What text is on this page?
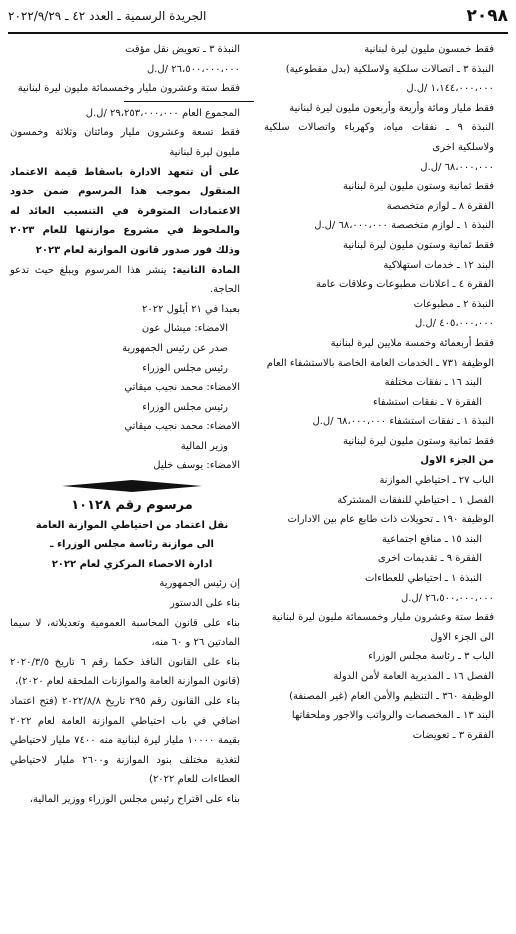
٢٠٩٨
الجريدة الرسمية ـ العدد ٤٢ ـ ٢٠٢٢/٩/٢٩

فقط خمسون مليون ليرة لبنانية

النبذة ٣ ـ اتصالات سلكية ولاسلكية (بدل مقطوعية)

١،١٤٤،٠٠٠،٠٠٠ /ل.ل

فقط مليار ومائة وأربعة وأربعون مليون ليرة لبنانية

النبذة ٩ ـ نفقات مياه، وكهرباء واتصالات سلكية ولاسلكية اخرى

٦٨،٠٠٠،٠٠٠ /ل.ل

فقط ثمانية وستون مليون ليرة لبنانية

الفقرة ٨ ـ لوازم متخصصة

النبذة ١ ـ لوازم متخصصة ٦٨،٠٠٠،٠٠٠ /ل.ل

فقط ثمانية وستون مليون ليرة لبنانية

البند ١٢ ـ خدمات استهلاكية

الفقرة ٤ ـ اعلانات مطبوعات وعلاقات عامة

النبذة ٢ ـ مطبوعات

٤٠٥،٠٠٠،٠٠٠ /ل.ل

فقط أربعمائة وخمسة ملايين ليرة لبنانية

الوظيفة ٧٣١ ـ الخدمات العامة الخاصة بالاستشفاء العام

البند ١٦ ـ نفقات مختلفة

الفقرة ٧ ـ نفقات استشفاء

النبذة ١ ـ نفقات استشفاء ٦٨،٠٠٠،٠٠٠ /ل.ل

فقط ثمانية وستون مليون ليرة لبنانية

من الجزء الاول

الباب ٢٧ ـ احتياطي الموازنة

الفصل ١ ـ احتياطي للنفقات المشتركة

الوظيفة ١٩٠ ـ تحويلات ذات طابع عام بين الادارات

البند ١٥ ـ منافع اجتماعية

الفقرة ٩ ـ تقديمات اخرى

النبذة ١ ـ احتياطي للعطاءات

٢٦،٥٠٠،٠٠٠،٠٠٠ /ل.ل

فقط ستة وعشرون مليار وخمسمائة مليون ليرة لبنانية

الى الجزء الاول

الباب ٣ ـ رئاسة مجلس الوزراء

الفصل ١٦ ـ المديرية العامة لأمن الدولة

الوظيفة ٣٦٠ ـ التنظيم والأمن العام (غير المصنفة)

البند ١٣ ـ المخصصات والرواتب والاجور وملحقاتها

الفقرة ٣ ـ تعويضات

النبذة ٣ ـ تعويض نقل مؤقت

٢٦،٥٠٠،٠٠٠،٠٠٠ /ل.ل

فقط ستة وعشرون مليار وخمسمائة مليون ليرة لبنانية

المجموع العام ٢٩،٢٥٣،٠٠٠،٠٠٠ /ل.ل

فقط تسعة وعشرون مليار ومائتان وثلاثة وخمسون مليون ليرة لبنانية

على أن تتعهد الادارة باسقاط قيمة الاعتماد المنقول بموجب هذا المرسوم ضمن حدود الاعتمادات المتوفرة في التنسيب العائد له والملحوظ في مشروع موازنتها للعام ٢٠٢٣ وذلك فور صدور قانون الموازنة لعام ٢٠٢٣

المادة الثانية: ينشر هذا المرسوم ويبلغ حيث تدعو الحاجة.

بعبدا في ٢١ أيلول ٢٠٢٢

الامضاء: ميشال عون

صدر عن رئيس الجمهورية

رئيس مجلس الوزراء

الامضاء: محمد نجيب ميقاتي

رئيس مجلس الوزراء

الامضاء: محمد نجيب ميقاتي

وزير المالية

الامضاء: يوسف خليل

مرسوم رقم ١٠١٢٨

نقل اعتماد من احتياطي الموازنة العامة

الى موازنة رئاسة مجلس الوزراء ـ

ادارة الاحصاء المركزي لعام ٢٠٢٢

إن رئيس الجمهورية

بناء على الدستور

بناء على قانون المحاسبة العمومية وتعديلاته، لا سيما المادتين ٢٦ و ٦٠ منه،

بناء على القانون النافذ حكما رقم ٦ تاريخ ٢٠٢٠/٣/٥ (قانون الموازنة العامة والموازنات الملحقة لعام ٢٠٢٠)،

بناء على القانون رقم ٢٩٥ تاريخ ٢٠٢٢/٨/٨ (فتح اعتماد اضافي في باب احتياطي الموازنة العامة لعام ٢٠٢٢ بقيمة ١٠٠٠٠ مليار ليرة لبنانية منه ٧٤٠٠ مليار لاحتياطي لتغذية مختلف بنود الموازنة و٢٦٠٠ مليار لاحتياطي العطاءات للعام ٢٠٢٢)

بناء على اقتراح رئيس مجلس الوزراء ووزير المالية،
